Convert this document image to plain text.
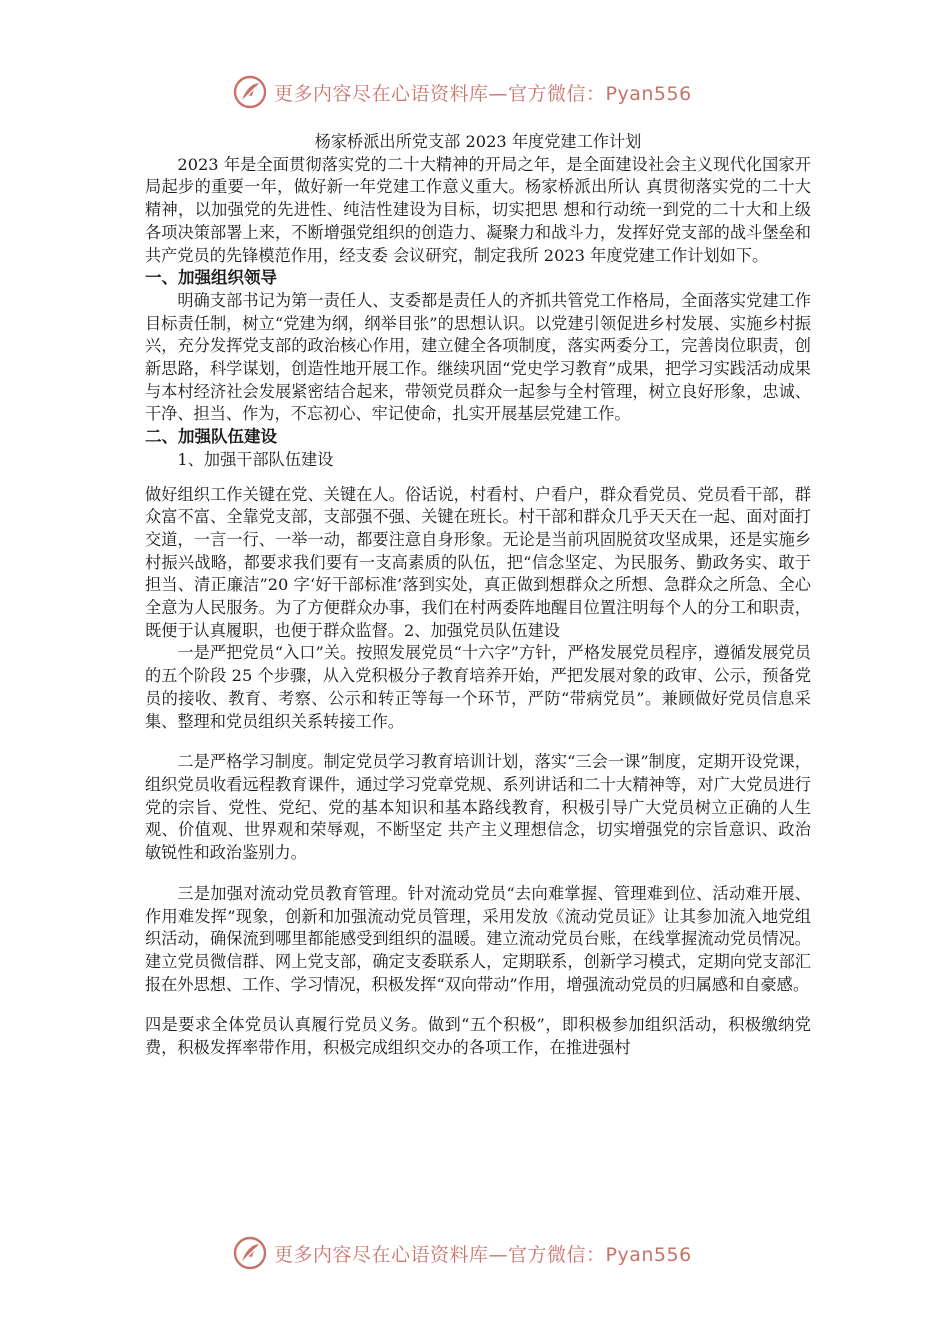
更多内容尽在心语资料库—官方微信：Pyan556

杨家桥派出所党支部 2023 年度党建工作计划

2023 年是全面贯彻落实党的二十大精神的开局之年，是全面建设社会主义现代化国家开局起步的重要一年，做好新一年党建工作意义重大。杨家桥派出所认 真贯彻落实党的二十大精神，以加强党的先进性、纯洁性建设为目标，切实把思 想和行动统一到党的二十大和上级各项决策部署上来，不断增强党组织的创造力、凝聚力和战斗力，发挥好党支部的战斗堡垒和共产党员的先锋模范作用，经支委 会议研究，制定我所 2023 年度党建工作计划如下。

一、加强组织领导

明确支部书记为第一责任人、支委都是责任人的齐抓共管党工作格局，全面落实党建工作目标责任制，树立“党建为纲，纲举目张”的思想认识。以党建引领促进乡村发展、实施乡村振兴，充分发挥党支部的政治核心作用，建立健全各项制度，落实两委分工，完善岗位职责，创新思路，科学谋划，创造性地开展工作。继续巩固“党史学习教育”成果，把学习实践活动成果与本村经济社会发展紧密结合起来，带领党员群众一起参与全村管理，树立良好形象，忠诚、干净、担当、作为，不忘初心、牢记使命，扎实开展基层党建工作。

二、加强队伍建设

1、加强干部队伍建设

做好组织工作关键在党、关键在人。俗话说，村看村、户看户，群众看党员、党员看干部，群众富不富、全靠党支部，支部强不强、关键在班长。村干部和群众几乎天天在一起、面对面打交道，一言一行、一举一动，都要注意自身形象。无论是当前巩固脱贫攻坚成果，还是实施乡村振兴战略，都要求我们要有一支高素质的队伍，把“信念坚定、为民服务、勤政务实、敢于担当、清正廉洁”20 字‘好干部标准’落到实处，真正做到想群众之所想、急群众之所急、全心全意为人民服务。为了方便群众办事，我们在村两委阵地醒目位置注明每个人的分工和职责，既便于认真履职，也便于群众监督。2、加强党员队伍建设

一是严把党员“入口”关。按照发展党员“十六字”方针，严格发展党员程序，遵循发展党员的五个阶段 25 个步骤，从入党积极分子教育培养开始，严把发展对象的政审、公示，预备党员的接收、教育、考察、公示和转正等每一个环节，严防“带病党员”。兼顾做好党员信息采集、整理和党员组织关系转接工作。

二是严格学习制度。制定党员学习教育培训计划，落实“三会一课”制度，定期开设党课，组织党员收看远程教育课件，通过学习党章党规、系列讲话和二十大精神等，对广大党员进行党的宗旨、党性、党纪、党的基本知识和基本路线教育，积极引导广大党员树立正确的人生观、价值观、世界观和荣辱观，不断坚定 共产主义理想信念，切实增强党的宗旨意识、政治敏锐性和政治鉴别力。

三是加强对流动党员教育管理。针对流动党员“去向难掌握、管理难到位、活动难开展、作用难发挥”现象，创新和加强流动党员管理，采用发放《流动党员证》让其参加流入地党组织活动，确保流到哪里都能感受到组织的温暖。建立流动党员台账，在线掌握流动党员情况。建立党员微信群、网上党支部，确定支委联系人，定期联系，创新学习模式，定期向党支部汇报在外思想、工作、学习情况，积极发挥“双向带动”作用，增强流动党员的归属感和自豪感。

四是要求全体党员认真履行党员义务。做到“五个积极”，即积极参加组织活动，积极缴纳党费，积极发挥率带作用，积极完成组织交办的各项工作，在推进强村

更多内容尽在心语资料库—官方微信：Pyan556
